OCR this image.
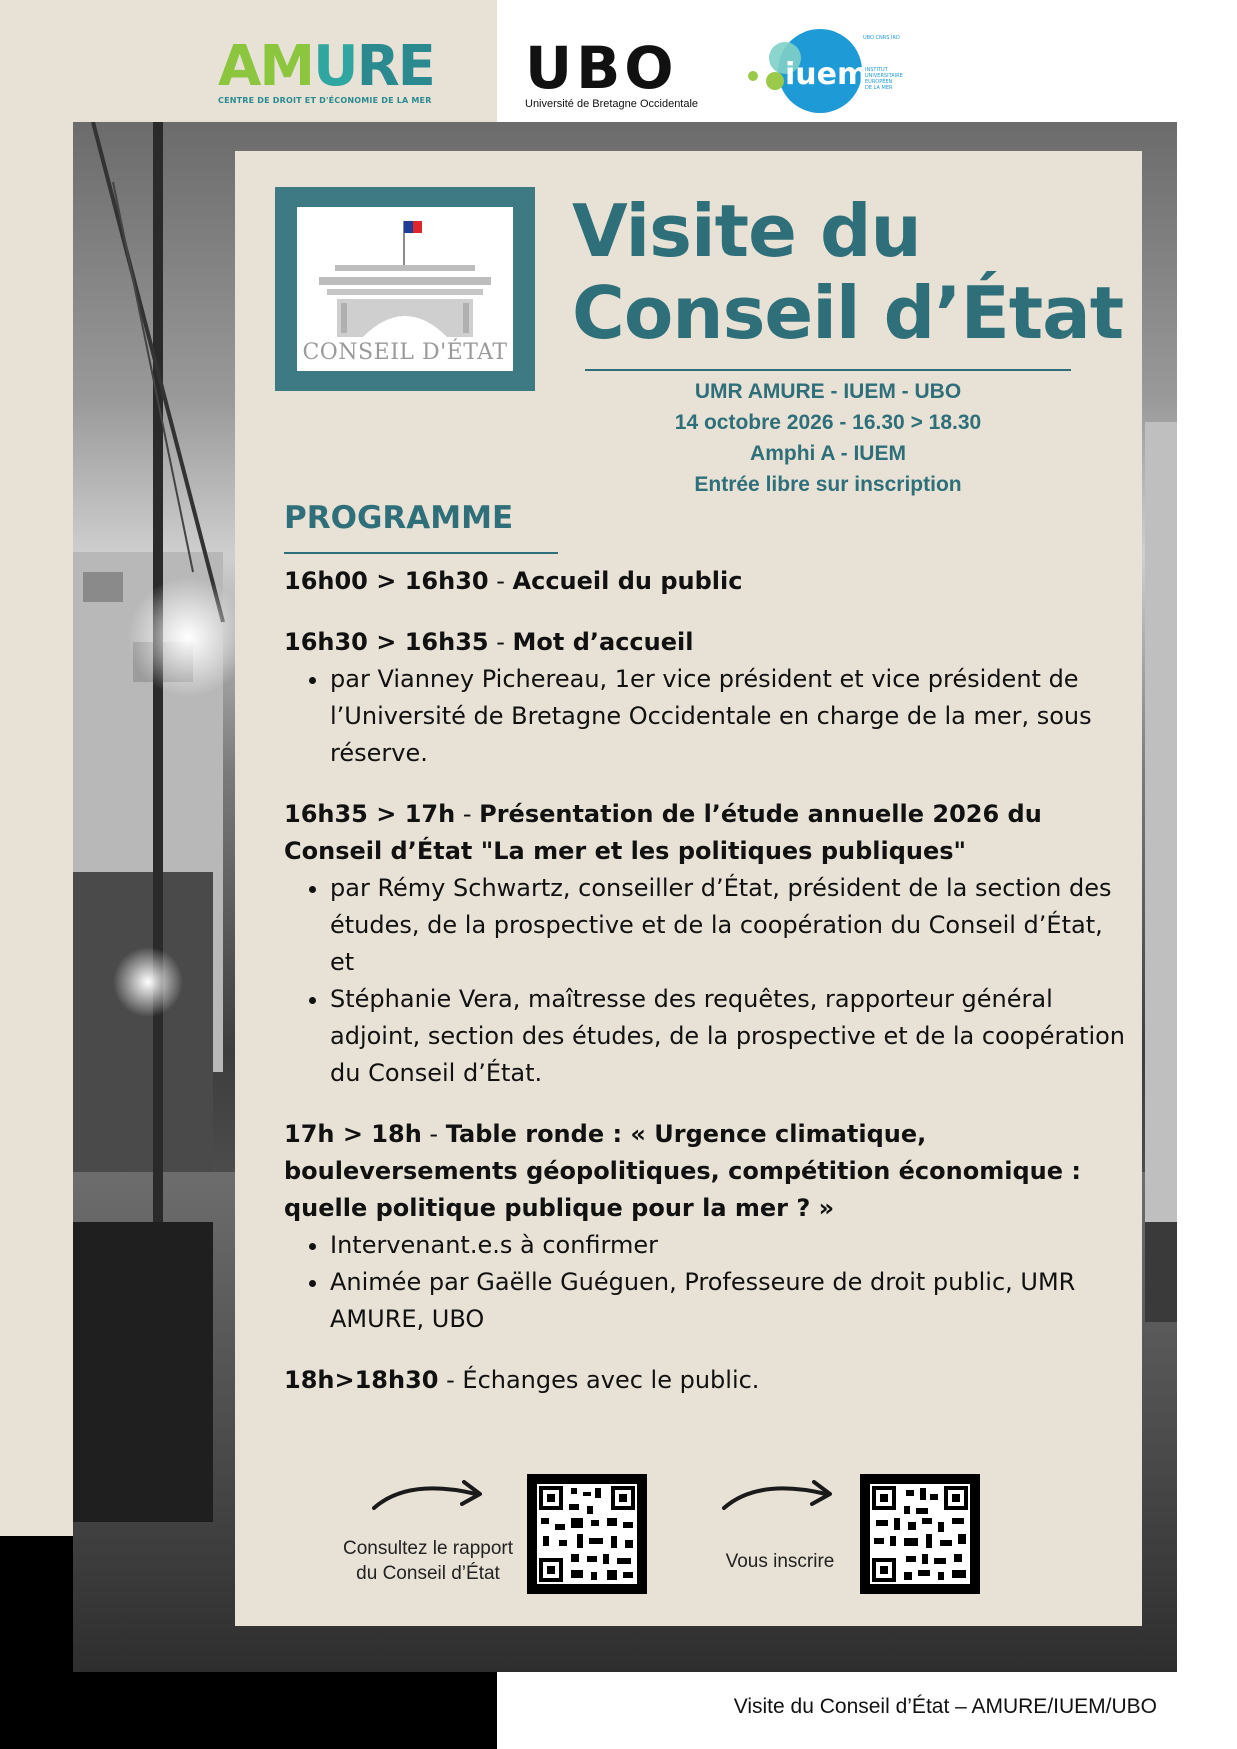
AMURE
CENTRE DE DROIT ET D'ÉCONOMIE DE LA MER UBO
Université de Bretagne Occidentale
iuem
UBO CNRS IRD
INSTITUT
UNIVERSITAIRE
EUROPÉEN
DE LA MER
CONSEIL D'ÉTAT
Visite du
Conseil d’État
UMR AMURE - IUEM - UBO
14 octobre 2026 - 16.30 > 18.30
Amphi A - IUEM
Entrée libre sur inscription
PROGRAMME
16h00 > 16h30 - Accueil du public
16h30 > 16h35 - Mot d’accueil
• par Vianney Pichereau, 1er vice président et vice président de l’Université de Bretagne Occidentale en charge de la mer, sous réserve.
16h35 > 17h - Présentation de l’étude annuelle 2026 du Conseil d’État "La mer et les politiques publiques"
• par Rémy Schwartz, conseiller d’État, président de la section des études, de la prospective et de la coopération du Conseil d’État, et
• Stéphanie Vera, maîtresse des requêtes, rapporteur général adjoint, section des études, de la prospective et de la coopération du Conseil d’État.
17h > 18h - Table ronde : « Urgence climatique, bouleversements géopolitiques, compétition économique : quelle politique publique pour la mer ? »
• Intervenant.e.s à confirmer
• Animée par Gaëlle Guéguen, Professeure de droit public, UMR AMURE, UBO
18h>18h30 - Échanges avec le public.
Consultez le rapport
du Conseil d’État
Vous inscrire
Visite du Conseil d’État – AMURE/IUEM/UBO
